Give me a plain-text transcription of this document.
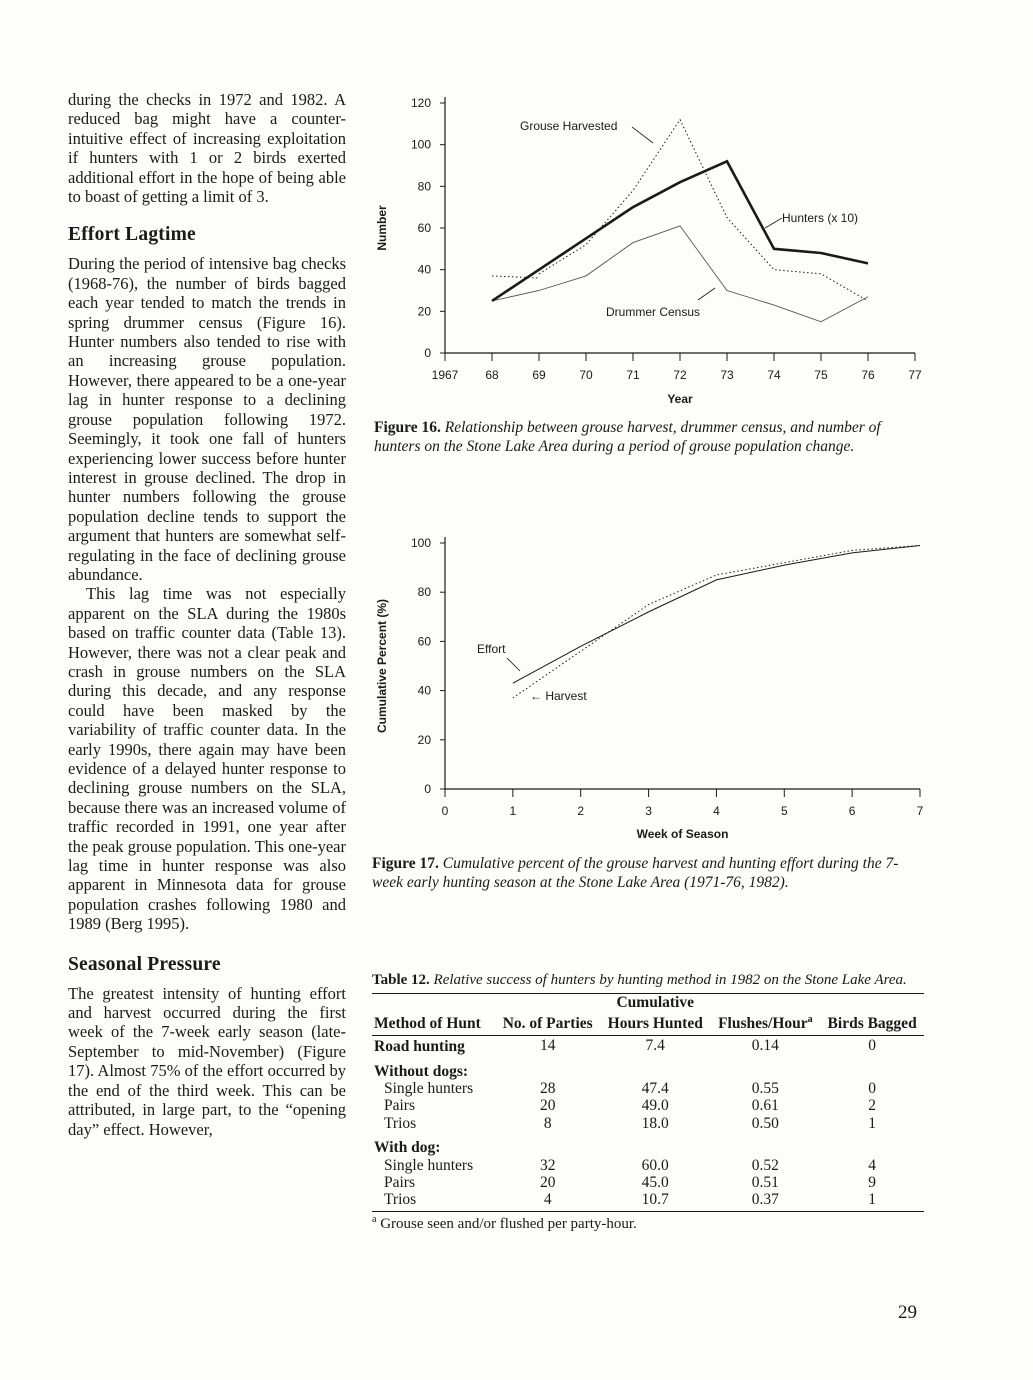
during the checks in 1972 and 1982. A reduced bag might have a counter-intuitive effect of increasing exploitation if hunters with 1 or 2 birds exerted additional effort in the hope of being able to boast of getting a limit of 3.

Effort Lagtime

During the period of intensive bag checks (1968-76), the number of birds bagged each year tended to match the trends in spring drummer census (Figure 16). Hunter numbers also tended to rise with an increasing grouse population. However, there appeared to be a one-year lag in hunter response to a declining grouse population following 1972. Seemingly, it took one fall of hunters experiencing lower success before hunter interest in grouse declined. The drop in hunter numbers following the grouse population decline tends to support the argument that hunters are somewhat self-regulating in the face of declining grouse abundance.

This lag time was not especially apparent on the SLA during the 1980s based on traffic counter data (Table 13). However, there was not a clear peak and crash in grouse numbers on the SLA during this decade, and any response could have been masked by the variability of traffic counter data. In the early 1990s, there again may have been evidence of a delayed hunter response to declining grouse numbers on the SLA, because there was an increased volume of traffic recorded in 1991, one year after the peak grouse population. This one-year lag time in hunter response was also apparent in Minnesota data for grouse population crashes following 1980 and 1989 (Berg 1995).

Seasonal Pressure

The greatest intensity of hunting effort and harvest occurred during the first week of the 7-week early season (late-September to mid-November) (Figure 17). Almost 75% of the effort occurred by the end of the third week. This can be attributed, in large part, to the “opening day” effect. However,

0
20
40
60
80
100
120
1967 68	69	70	71	72	73	74	75	76	77
Number
Year
Grouse Harvested
Hunters (x 10)
Drummer Census
Figure 16. Relationship between grouse harvest, drummer census, and number of hunters on the Stone Lake Area during a period of grouse population change.
0
20
40
60
80
100
0	1	2	3	4	5	6	7
Cumulative Percent (%)
Week of Season
Effort
← Harvest
Figure 17. Cumulative percent of the grouse harvest and hunting effort during the 7-week early hunting season at the Stone Lake Area (1971-76, 1982).
Table 12. Relative success of hunters by hunting method in 1982 on the Stone Lake Area.

		Cumulative		
Method of Hunt	No. of Parties	Hours Hunted	Flushes/Hour$^a$	Birds Bagged
Road hunting	14	7.4	0.14	0
Without dogs:				
Single hunters	28	47.4	0.55	0
Pairs	20	49.0	0.61	2
Trios	8	18.0	0.50	1
With dog:				
Single hunters	32	60.0	0.52	4
Pairs	20	45.0	0.51	9
Trios	4	10.7	0.37	1
$^a$ Grouse seen and/or flushed per party-hour.
29
